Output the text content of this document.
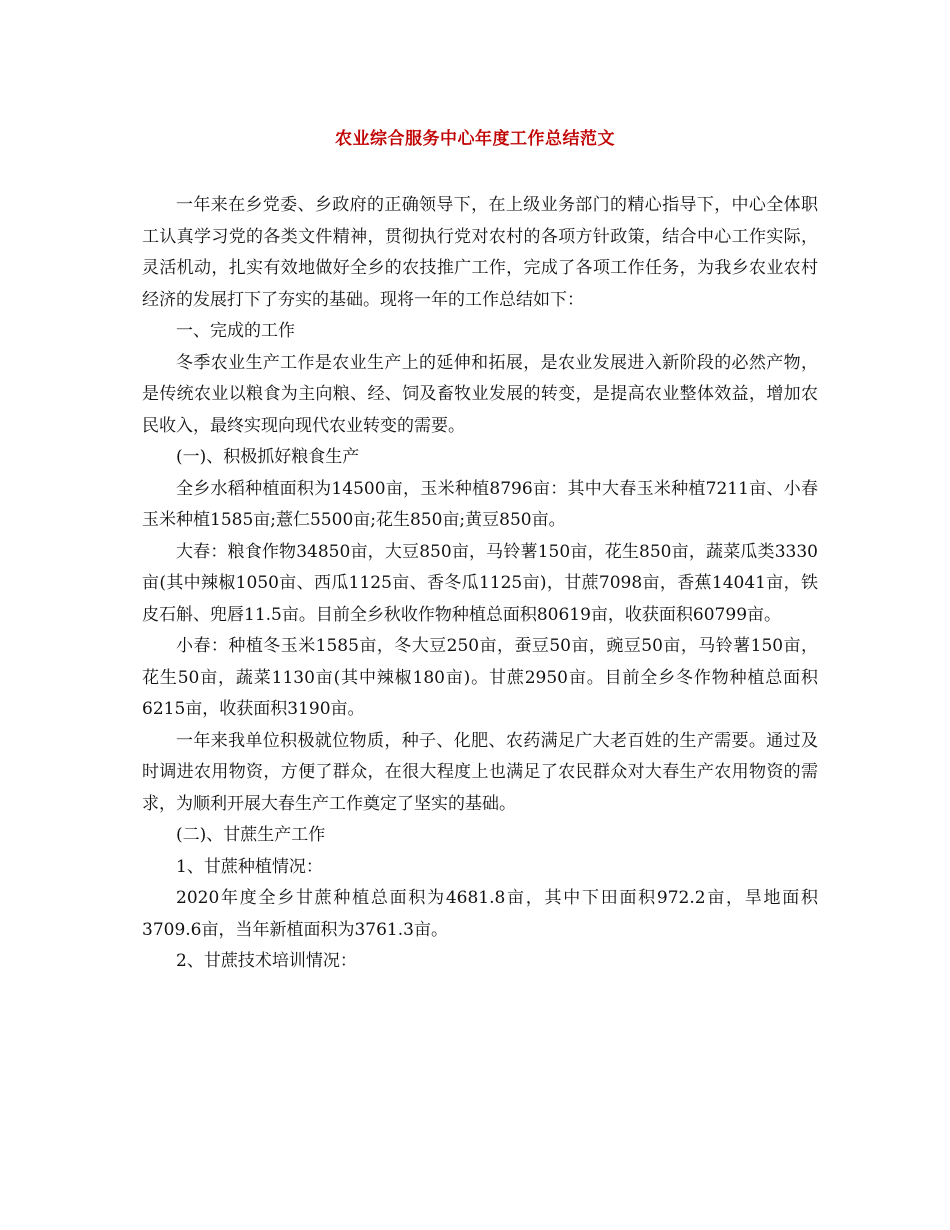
农业综合服务中心年度工作总结范文

一年来在乡党委、乡政府的正确领导下，在上级业务部门的精心指导下，中心全体职工认真学习党的各类文件精神，贯彻执行党对农村的各项方针政策，结合中心工作实际，灵活机动，扎实有效地做好全乡的农技推广工作，完成了各项工作任务，为我乡农业农村经济的发展打下了夯实的基础。现将一年的工作总结如下：

一、完成的工作

冬季农业生产工作是农业生产上的延伸和拓展，是农业发展进入新阶段的必然产物，是传统农业以粮食为主向粮、经、饲及畜牧业发展的转变，是提高农业整体效益，增加农民收入，最终实现向现代农业转变的需要。

(一)、积极抓好粮食生产

全乡水稻种植面积为14500亩，玉米种植8796亩：其中大春玉米种植7211亩、小春玉米种植1585亩;薏仁5500亩;花生850亩;黄豆850亩。

大春：粮食作物34850亩，大豆850亩，马铃薯150亩，花生850亩，蔬菜瓜类3330亩(其中辣椒1050亩、西瓜1125亩、香冬瓜1125亩)，甘蔗7098亩，香蕉14041亩，铁皮石斛、兜唇11.5亩。目前全乡秋收作物种植总面积80619亩，收获面积60799亩。

小春：种植冬玉米1585亩，冬大豆250亩，蚕豆50亩，豌豆50亩，马铃薯150亩，花生50亩，蔬菜1130亩(其中辣椒180亩)。甘蔗2950亩。目前全乡冬作物种植总面积6215亩，收获面积3190亩。

一年来我单位积极就位物质，种子、化肥、农药满足广大老百姓的生产需要。通过及时调进农用物资，方便了群众，在很大程度上也满足了农民群众对大春生产农用物资的需求，为顺利开展大春生产工作奠定了坚实的基础。

(二)、甘蔗生产工作

1、甘蔗种植情况：

2020年度全乡甘蔗种植总面积为4681.8亩，其中下田面积972.2亩，旱地面积3709.6亩，当年新植面积为3761.3亩。

2、甘蔗技术培训情况：
